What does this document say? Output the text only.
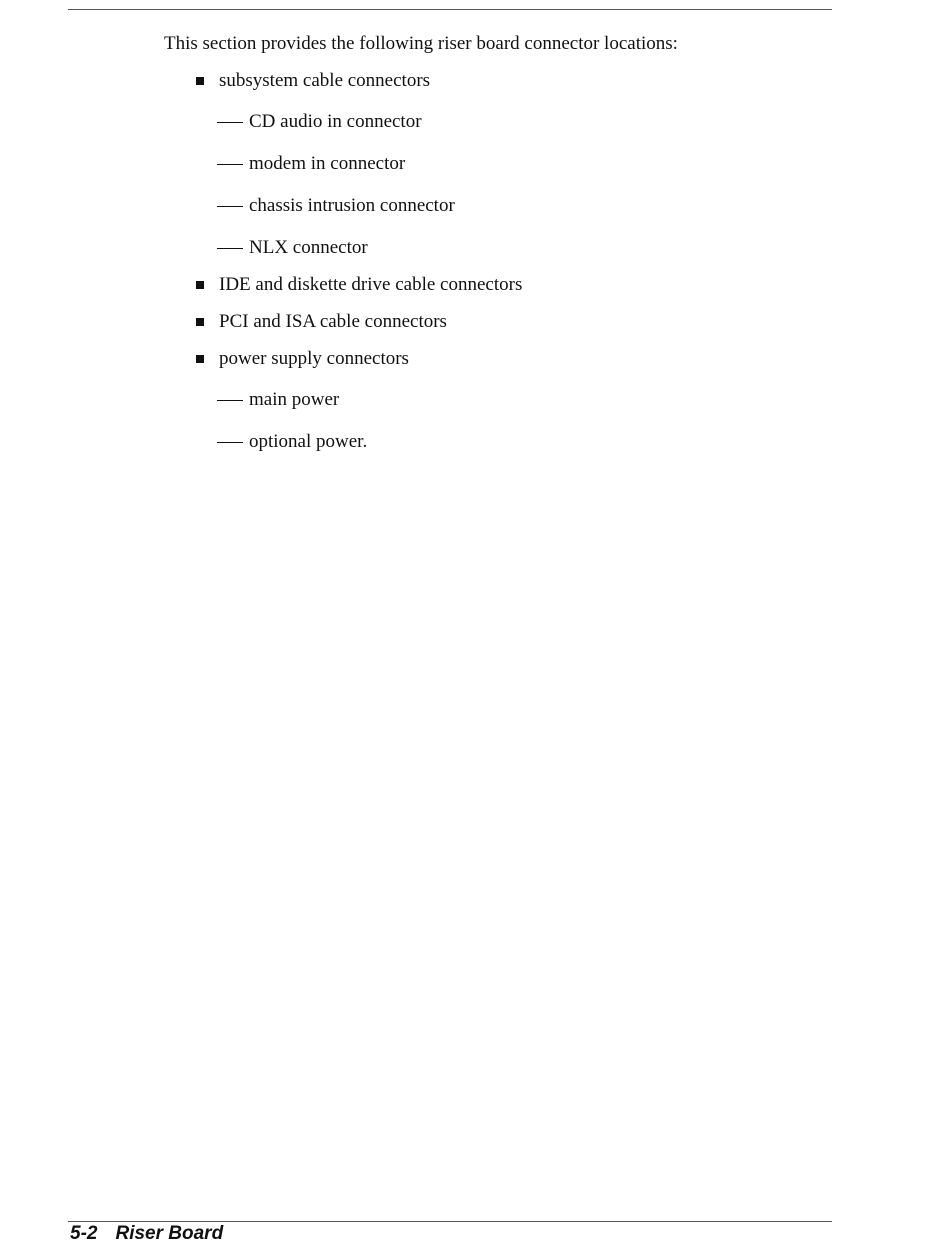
This section provides the following riser board connector locations:

subsystem cable connectors
CD audio in connector
modem in connector
chassis intrusion connector
NLX connector
IDE and diskette drive cable connectors
PCI and ISA cable connectors
power supply connectors
main power
optional power.
5-2 Riser Board
